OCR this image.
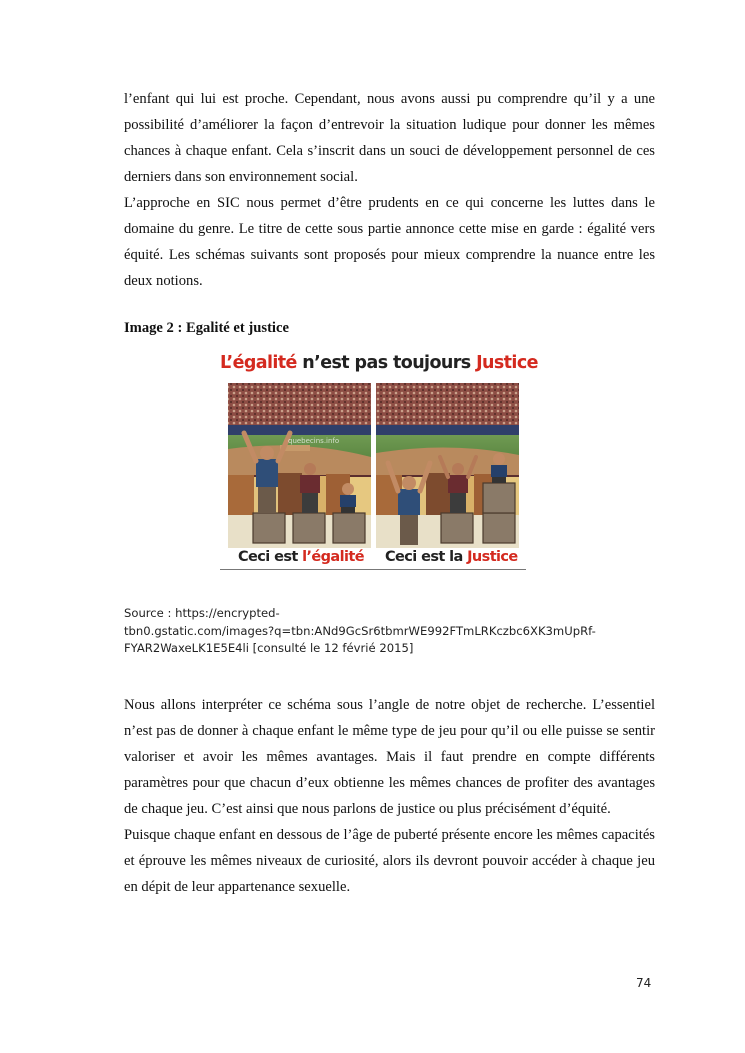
l’enfant qui lui est proche. Cependant, nous avons aussi pu comprendre qu’il y a une possibilité d’améliorer la façon d’entrevoir la situation ludique pour donner les mêmes chances à chaque enfant. Cela s’inscrit dans un souci de développement personnel de ces derniers dans son environnement social.
L’approche en SIC nous permet d’être prudents en ce qui concerne les luttes dans le domaine du genre. Le titre de cette sous partie annonce cette mise en garde : égalité vers équité. Les schémas suivants sont proposés pour mieux comprendre la nuance entre les deux notions.
Image 2 : Egalité et justice
L’égalité n’est pas toujours Justice
quebecins.info
Ceci est l’égalité Ceci est la Justice
Source : https://encrypted-
tbn0.gstatic.com/images?q=tbn:ANd9GcSr6tbmrWE992FTmLRKczbc6XK3mUpRf-
FYAR2WaxeLK1E5E4li [consulté le 12 févrié 2015]
Nous allons interpréter ce schéma sous l’angle de notre objet de recherche. L’essentiel n’est pas de donner à chaque enfant le même type de jeu pour qu’il ou elle puisse se sentir valoriser et avoir les mêmes avantages. Mais il faut prendre en compte différents paramètres pour que chacun d’eux obtienne les mêmes chances de profiter des avantages de chaque jeu. C’est ainsi que nous parlons de justice ou plus précisément d’équité.
Puisque chaque enfant en dessous de l’âge de puberté présente encore les mêmes capacités et éprouve les mêmes niveaux de curiosité, alors ils devront pouvoir accéder à chaque jeu en dépit de leur appartenance sexuelle.
74
